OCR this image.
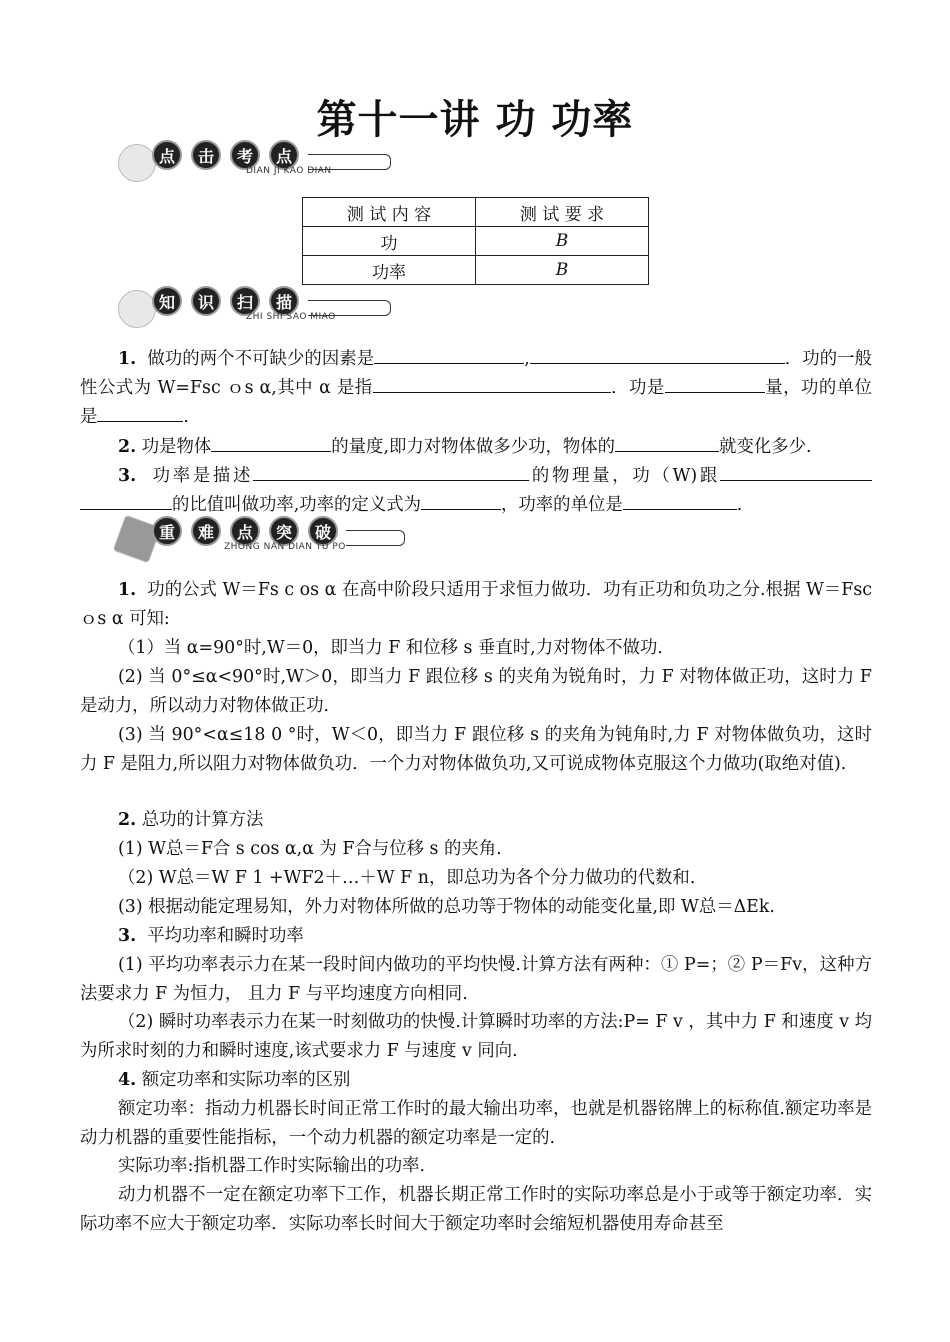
第十一讲 功 功率
点	击	考	点
DIAN JI KAO DIAN
测 试 内 容	测 试 要 求
功	B
功率	B
知	识	扫	描
ZHI SHI SAO MIAO
1. 做功的两个不可缺少的因素是	,	．功的一般性公式为 W=Fsc ｏs α,其中 α 是指	．功是	量，功的单位是	.
2. 功是物体	的量度,即力对物体做多少功，物体的	就变化多少.
3. 功率是描述	的物理量，功（W)跟的比值叫做功率,功率的定义式为	，功率的单位是	.
重	难	点	突	破
ZHONG NAN DIAN TU PO
1. 功的公式 W＝Fs c os α 在高中阶段只适用于求恒力做功．功有正功和负功之分.根据 W＝Fsc ｏs α 可知:
（1）当 α=90°时,W＝0，即当力 F 和位移 s 垂直时,力对物体不做功．
(2) 当 0°≤α<90°时,W＞0，即当力 F 跟位移 s 的夹角为锐角时，力 F 对物体做正功，这时力 F 是动力，所以动力对物体做正功．
(3) 当 90°<α≤18 0 °时，W＜0，即当力 F 跟位移 s 的夹角为钝角时,力 F 对物体做负功，这时力 F 是阻力,所以阻力对物体做负功．一个力对物体做负功,又可说成物体克服这个力做功(取绝对值).
2. 总功的计算方法
(1) W总＝F合 s cos α,α 为 F合与位移 s 的夹角.
（2) W总＝W F 1 +WF2＋…＋W F n，即总功为各个分力做功的代数和.
(3) 根据动能定理易知，外力对物体所做的总功等于物体的动能变化量,即 W总＝ΔEk.
3. 平均功率和瞬时功率
(1) 平均功率表示力在某一段时间内做功的平均快慢.计算方法有两种：① P=；② P＝Fv，这种方法要求力 F 为恒力， 且力 F 与平均速度方向相同.
（2) 瞬时功率表示力在某一时刻做功的快慢.计算瞬时功率的方法:P= F v ，其中力 F 和速度 v 均为所求时刻的力和瞬时速度,该式要求力 F 与速度 v 同向.
4. 额定功率和实际功率的区别
额定功率：指动力机器长时间正常工作时的最大输出功率，也就是机器铭牌上的标称值.额定功率是动力机器的重要性能指标，一个动力机器的额定功率是一定的.
实际功率:指机器工作时实际输出的功率.
动力机器不一定在额定功率下工作，机器长期正常工作时的实际功率总是小于或等于额定功率．实际功率不应大于额定功率．实际功率长时间大于额定功率时会缩短机器使用寿命甚至
